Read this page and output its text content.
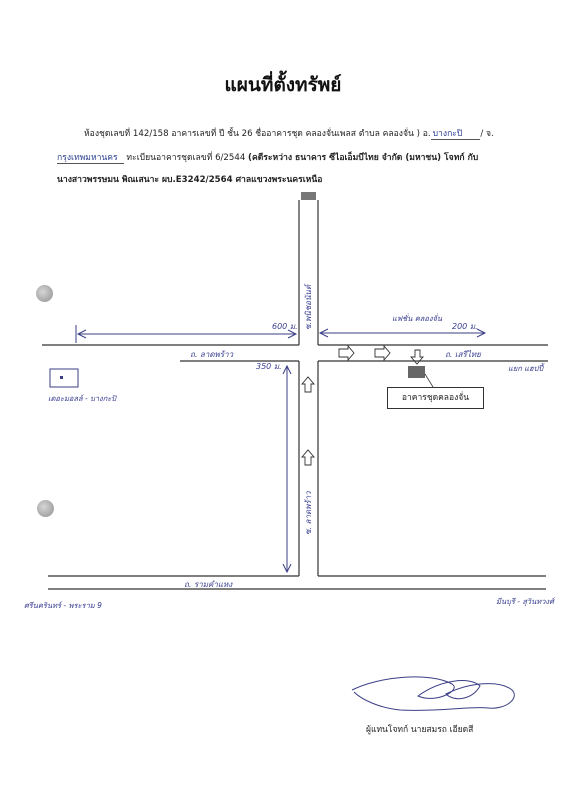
แผนที่ตั้งทรัพย์
ห้องชุดเลขที่ 142/158 อาคารเลขที่ ปี ชั้น 26 ชื่ออาคารชุด คลองจั่นเพลส ตำบล คลองจั่น ) อ. บางกะปิ / จ.
กรุงเทพมหานคร ทะเบียนอาคารชุดเลขที่ 6/2544 (คดีระหว่าง ธนาคาร ซีไอเอ็มบีไทย จำกัด (มหาชน) โจทก์ กับ
นางสาวพรรษมน พิณเสนาะ ผบ.E3242/2564 ศาลแขวงพระนครเหนือ
600 ม.	200 ม.
350 ม.
ถ. ลาดพร้าว	ถ. เสรีไทย
ซ.พนิชอนันต์
ซ. ลาดพร้าว
ถ. รามคำแหง
เดอะมอลล์ - บางกะปิ
แยก แฮปปี้
แฟชั่น คลองจั่น
ศรีนครินทร์ - พระราม 9	มีนบุรี - สุวินทวงศ์
อาคารชุดคลองจั่น
ผู้แทนโจทก์ นายสมรถ เอียดสี
